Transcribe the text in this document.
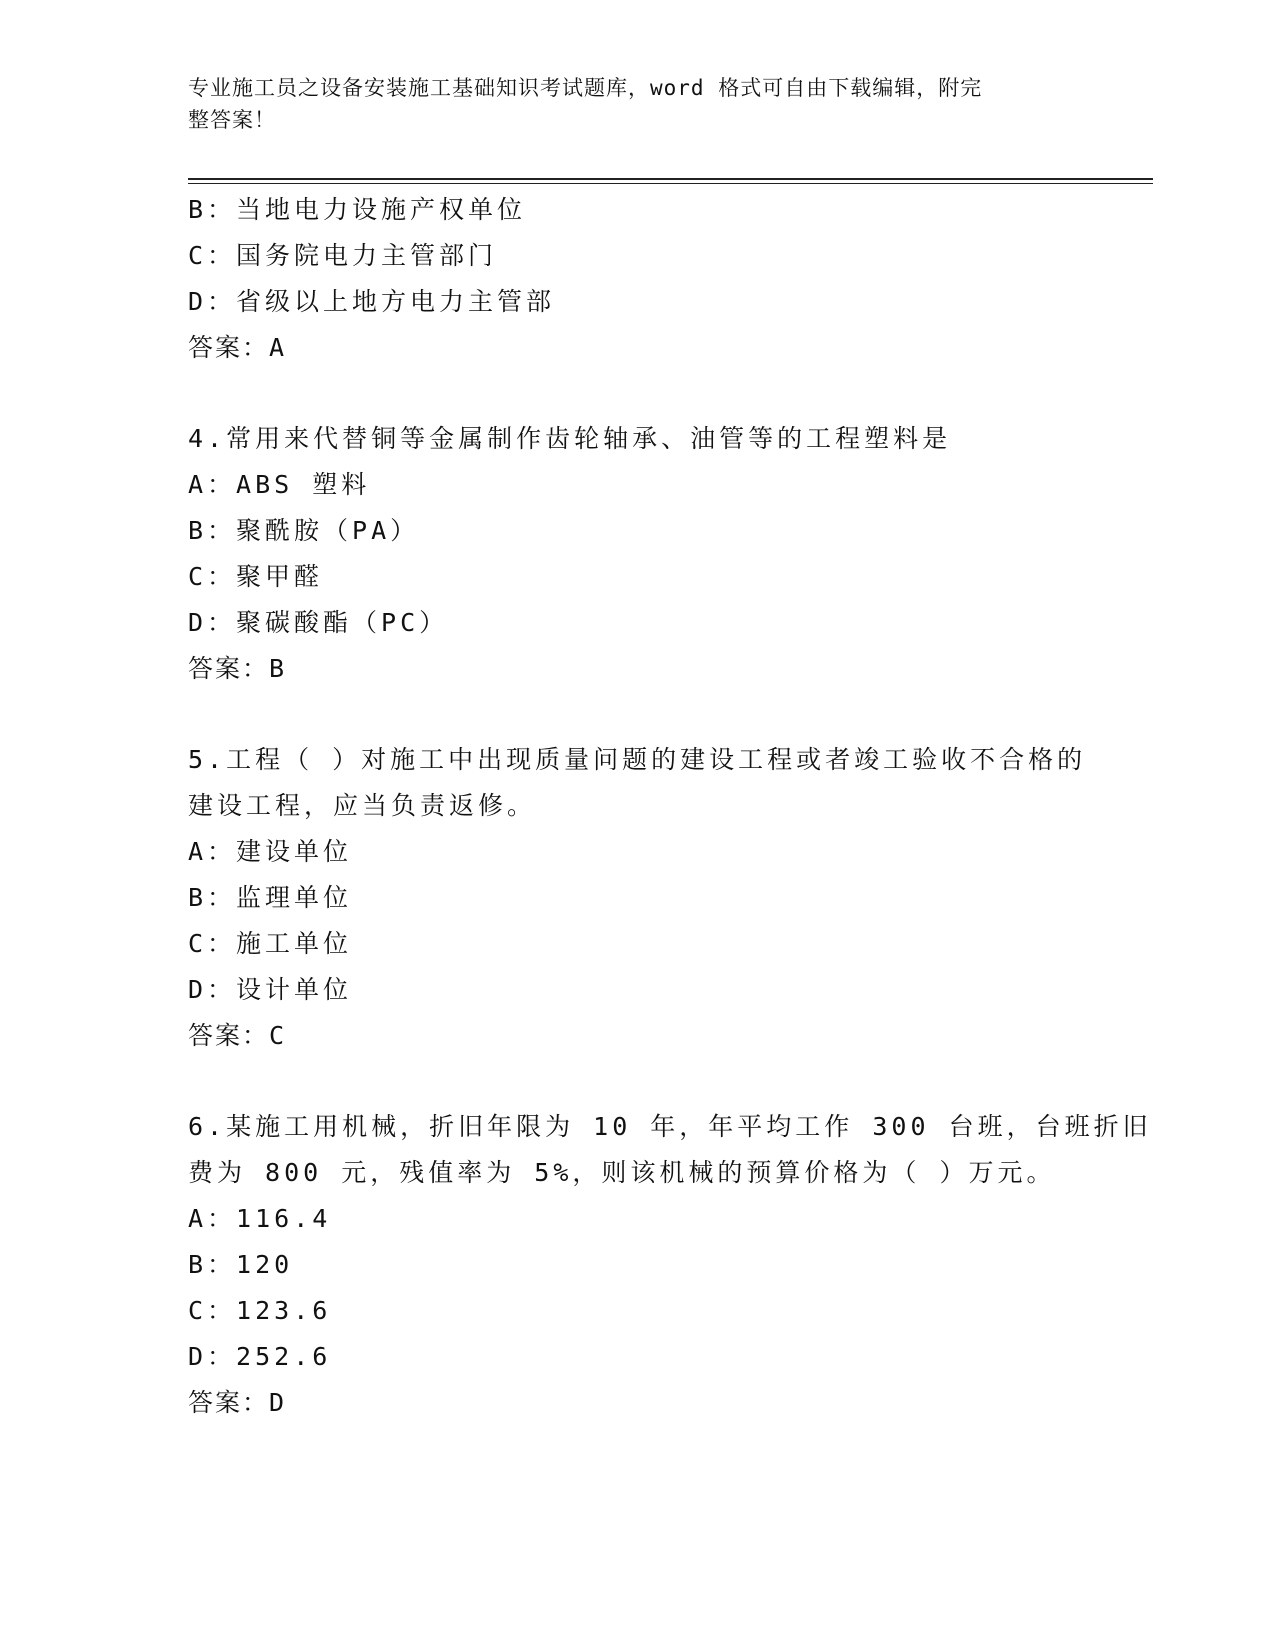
专业施工员之设备安装施工基础知识考试题库，word 格式可自由下载编辑，附完
整答案！
B：当地电力设施产权单位
C：国务院电力主管部门
D：省级以上地方电力主管部
答案：A
4.常用来代替铜等金属制作齿轮轴承、油管等的工程塑料是
A：ABS 塑料
B：聚酰胺（PA）
C：聚甲醛
D：聚碳酸酯（PC）
答案：B
5.工程（ ）对施工中出现质量问题的建设工程或者竣工验收不合格的
建设工程，应当负责返修。
A：建设单位
B：监理单位
C：施工单位
D：设计单位
答案：C
6.某施工用机械，折旧年限为 10 年，年平均工作 300 台班，台班折旧
费为 800 元，残值率为 5%，则该机械的预算价格为（ ）万元。
A：116.4
B：120
C：123.6
D：252.6
答案：D
